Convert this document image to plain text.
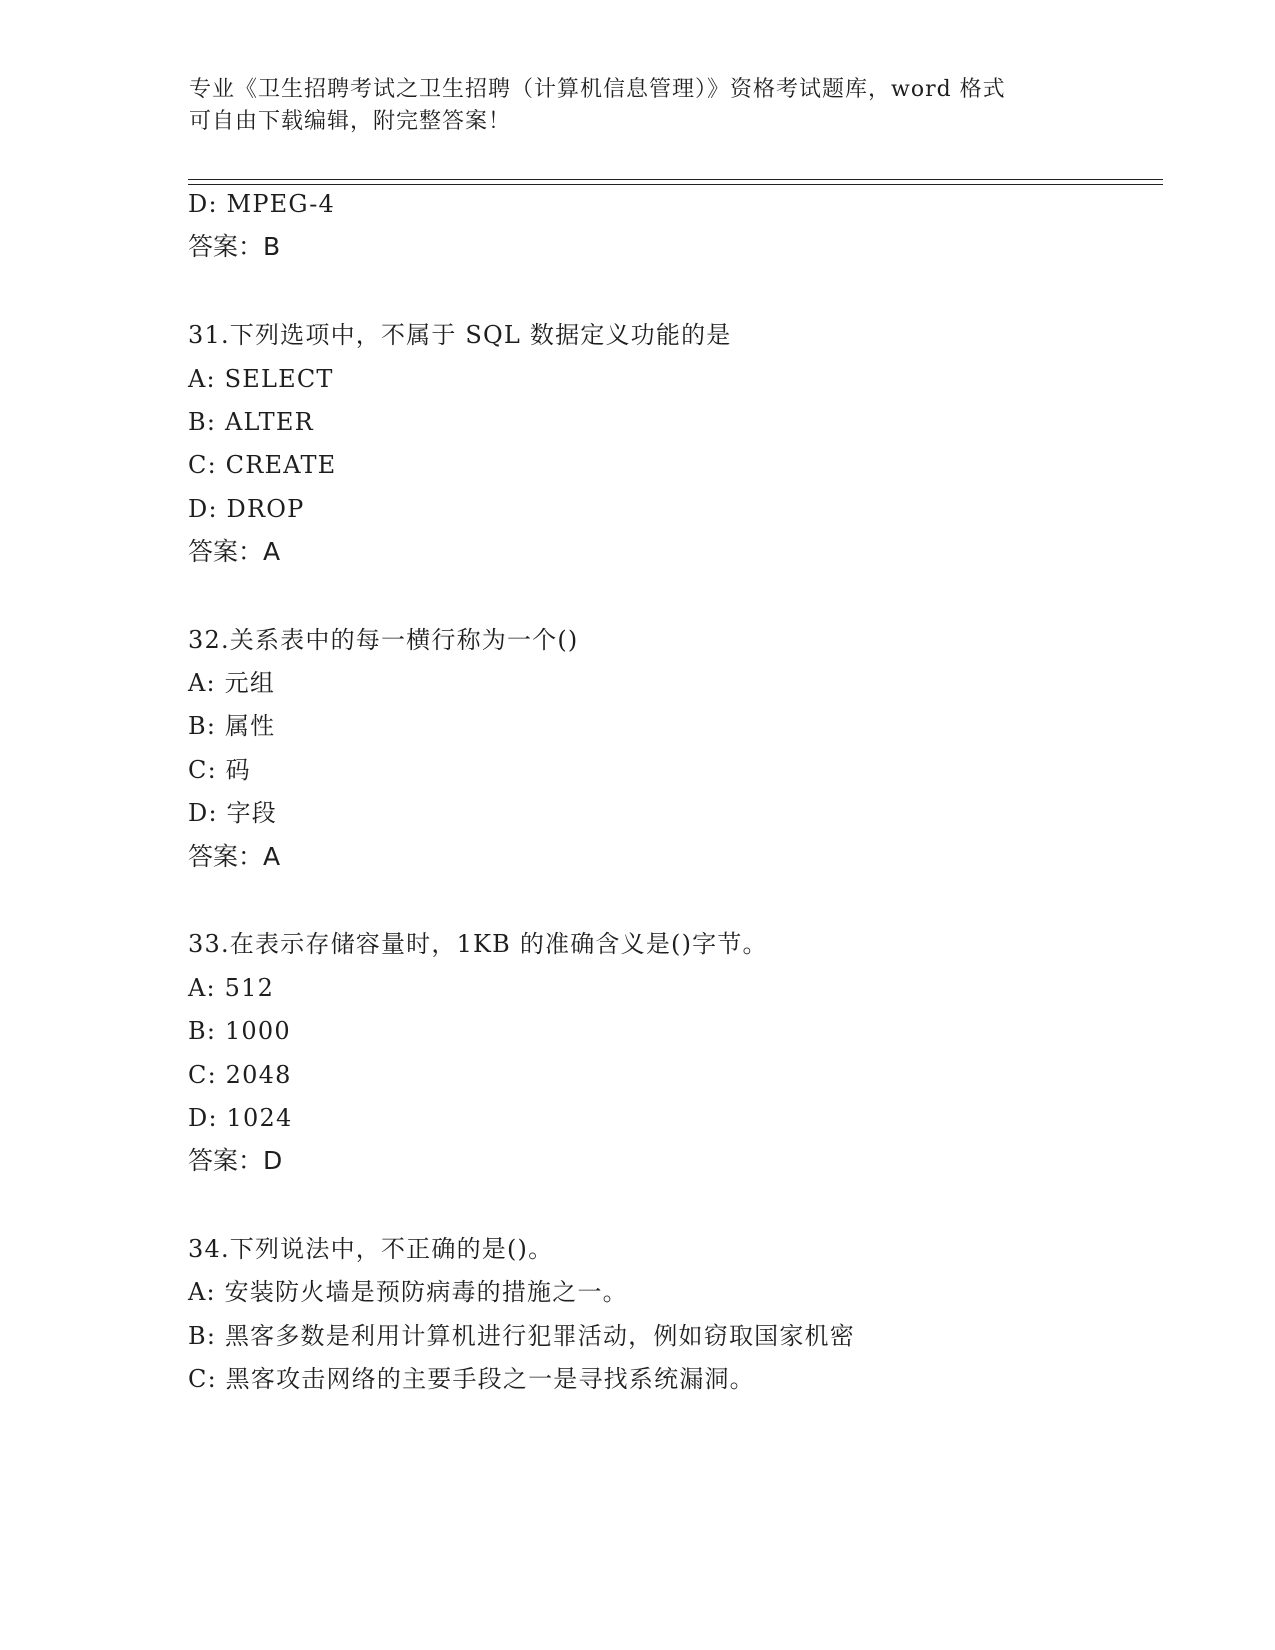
专业《卫生招聘考试之卫生招聘（计算机信息管理）》资格考试题库，word 格式
可自由下载编辑，附完整答案！
D: MPEG-4
答案：B
31.下列选项中，不属于 SQL 数据定义功能的是
A: SELECT
B: ALTER
C: CREATE
D: DROP
答案：A
32.关系表中的每一横行称为一个()
A: 元组
B: 属性
C: 码
D: 字段
答案：A
33.在表示存储容量时，1KB 的准确含义是()字节。
A: 512
B: 1000
C: 2048
D: 1024
答案：D
34.下列说法中，不正确的是()。
A: 安装防火墙是预防病毒的措施之一。
B: 黑客多数是利用计算机进行犯罪活动，例如窃取国家机密
C: 黑客攻击网络的主要手段之一是寻找系统漏洞。
